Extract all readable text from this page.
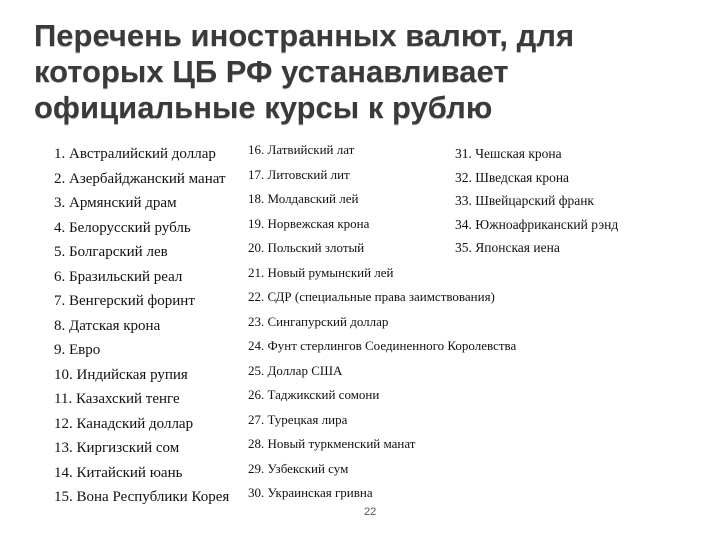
Перечень иностранных валют, для
которых ЦБ РФ устанавливает
официальные курсы к рублю
1. Австралийский доллар
2. Азербайджанский манат
3. Армянский драм
4. Белорусский рубль
5. Болгарский лев
6. Бразильский реал
7. Венгерский форинт
8. Датская крона
9. Евро
10. Индийская рупия
11. Казахский тенге
12. Канадский доллар
13. Киргизский сом
14. Китайский юань
15. Вона Республики Корея
16. Латвийский лат
17. Литовский лит
18. Молдавский лей
19. Норвежская крона
20. Польский злотый
21. Новый румынский лей
22. СДР (специальные права заимствования)
23. Сингапурский доллар
24. Фунт стерлингов Соединенного Королевства
25. Доллар США
26. Таджикский сомони
27. Турецкая лира
28. Новый туркменский манат
29. Узбекский сум
30. Украинская гривна
31. Чешская крона
32. Шведская крона
33. Швейцарский франк
34. Южноафриканский рэнд
35. Японская иена
22
